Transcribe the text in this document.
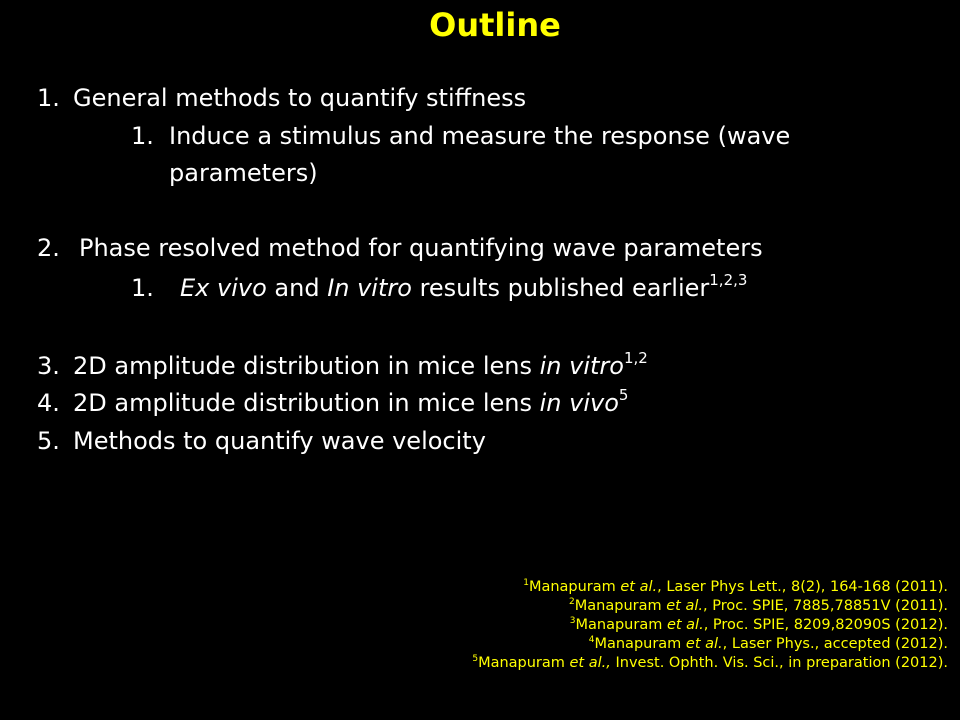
Outline
1. General methods to quantify stiffness
1. Induce a stimulus and measure the response (wave
parameters)
2. Phase resolved method for quantifying wave parameters
1. Ex vivo and In vitro results published earlier$^{1,2,3}$
3. 2D amplitude distribution in mice lens in vitro$^{1,2}$
4. 2D amplitude distribution in mice lens in vivo$^5$
5. Methods to quantify wave velocity
$^1$Manapuram et al., Laser Phys Lett., 8(2), 164-168 (2011).
$^2$Manapuram et al., Proc. SPIE, 7885,78851V (2011).
$^3$Manapuram et al., Proc. SPIE, 8209,82090S (2012).
$^4$Manapuram et al., Laser Phys., accepted (2012).
$^5$Manapuram et al., Invest. Ophth. Vis. Sci., in preparation (2012).
